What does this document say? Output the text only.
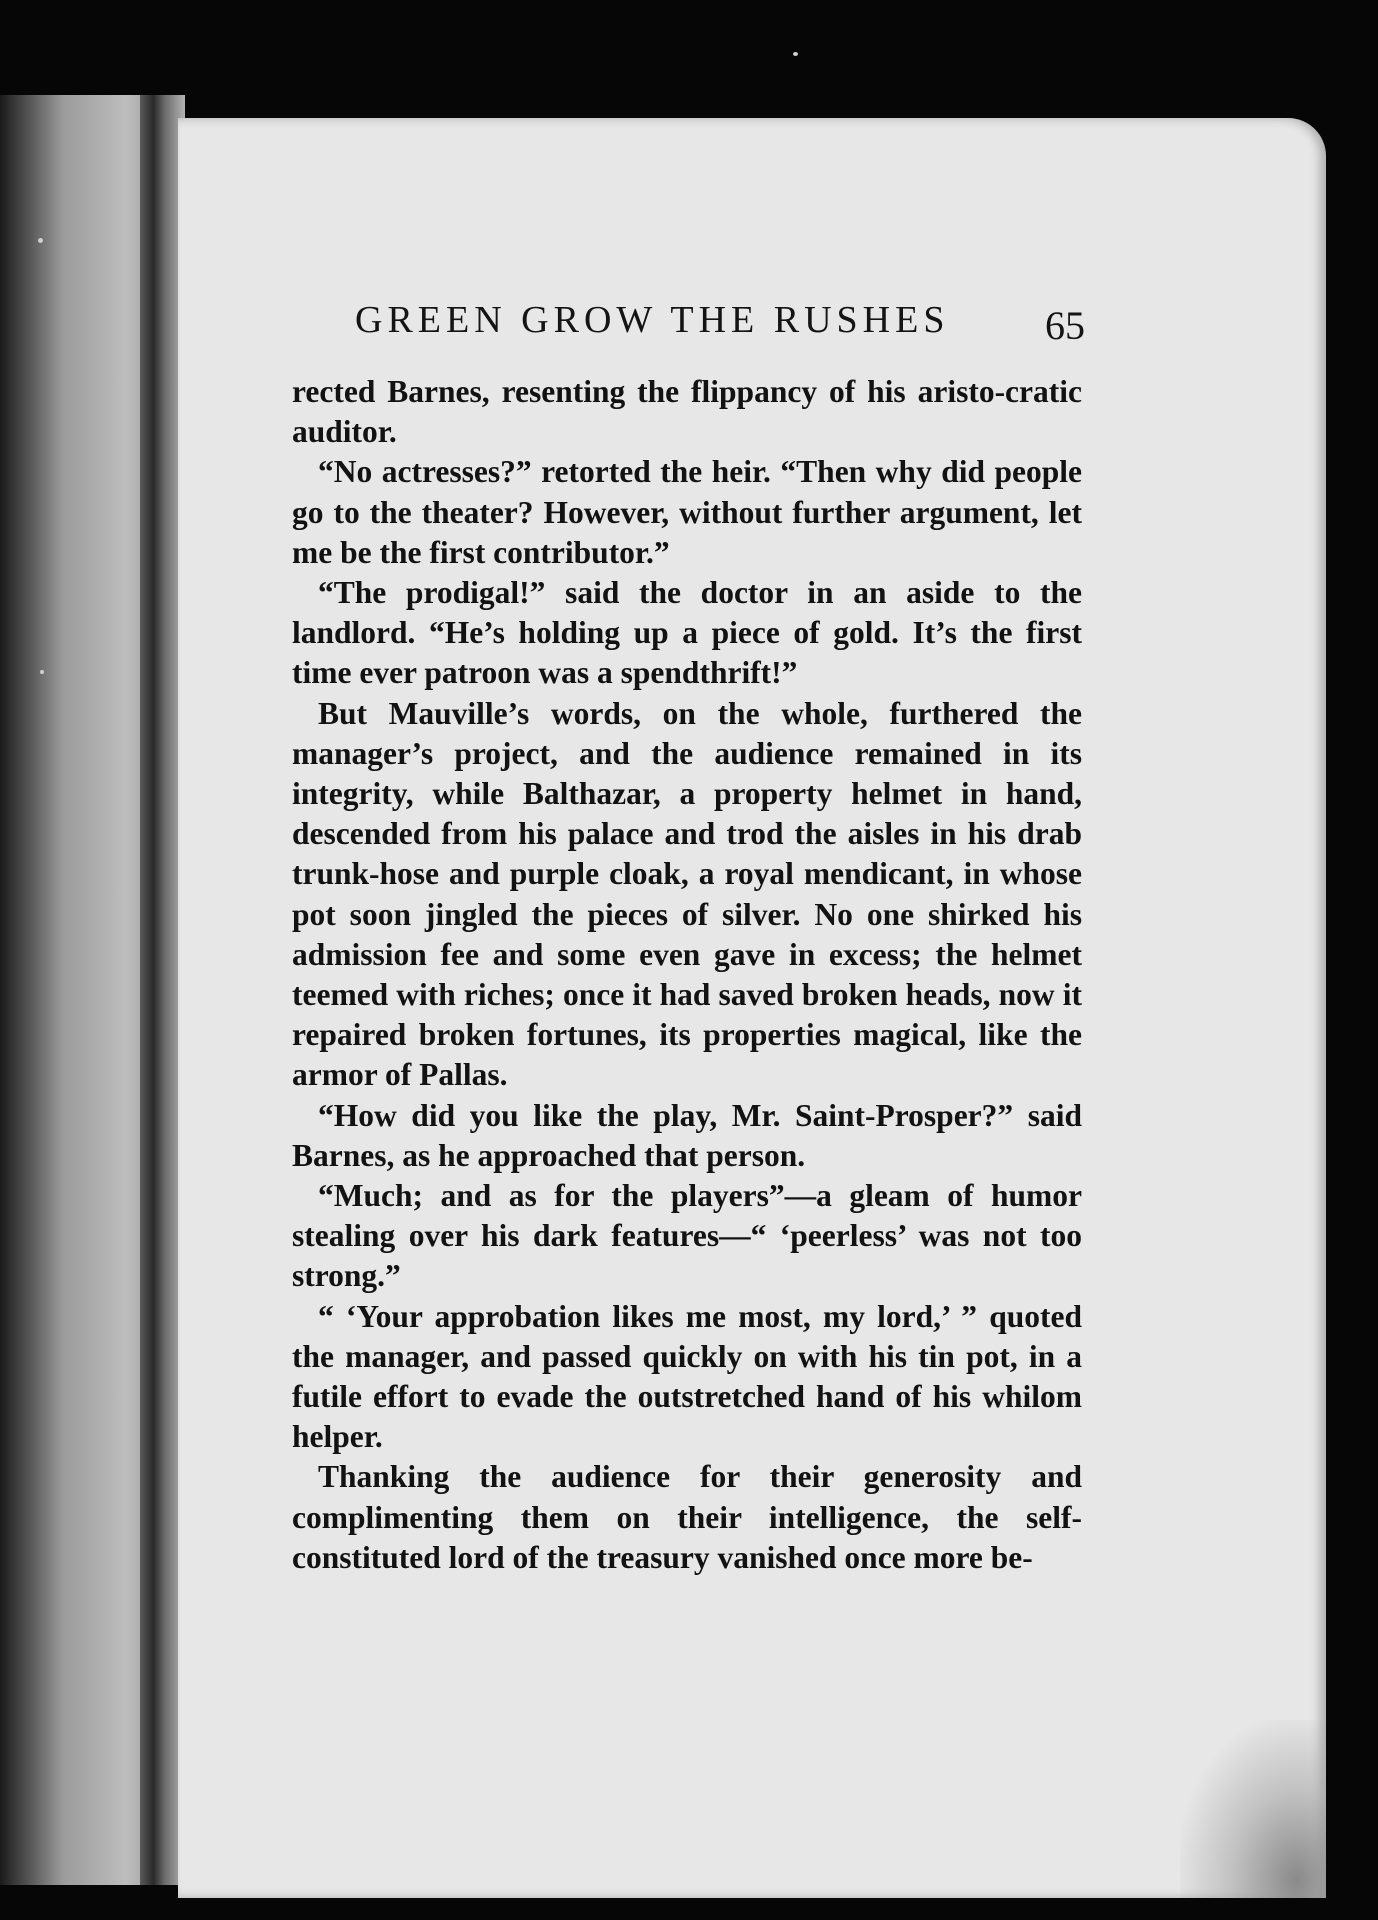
GREEN GROW THE RUSHES 65

rected Barnes, resenting the flippancy of his aristo-cratic auditor.

“No actresses?” retorted the heir. “Then why did people go to the theater? However, without further argument, let me be the first contributor.”

“The prodigal!” said the doctor in an aside to the landlord. “He’s holding up a piece of gold. It’s the first time ever patroon was a spendthrift!”

But Mauville’s words, on the whole, furthered the manager’s project, and the audience remained in its integrity, while Balthazar, a property helmet in hand, descended from his palace and trod the aisles in his drab trunk-hose and purple cloak, a royal mendicant, in whose pot soon jingled the pieces of silver. No one shirked his admission fee and some even gave in excess; the helmet teemed with riches; once it had saved broken heads, now it repaired broken fortunes, its properties magical, like the armor of Pallas.

“How did you like the play, Mr. Saint-Prosper?” said Barnes, as he approached that person.

“Much; and as for the players”—a gleam of humor stealing over his dark features—“ ‘peerless’ was not too strong.”

“ ‘Your approbation likes me most, my lord,’ ” quoted the manager, and passed quickly on with his tin pot, in a futile effort to evade the outstretched hand of his whilom helper.

Thanking the audience for their generosity and complimenting them on their intelligence, the self-constituted lord of the treasury vanished once more be-
